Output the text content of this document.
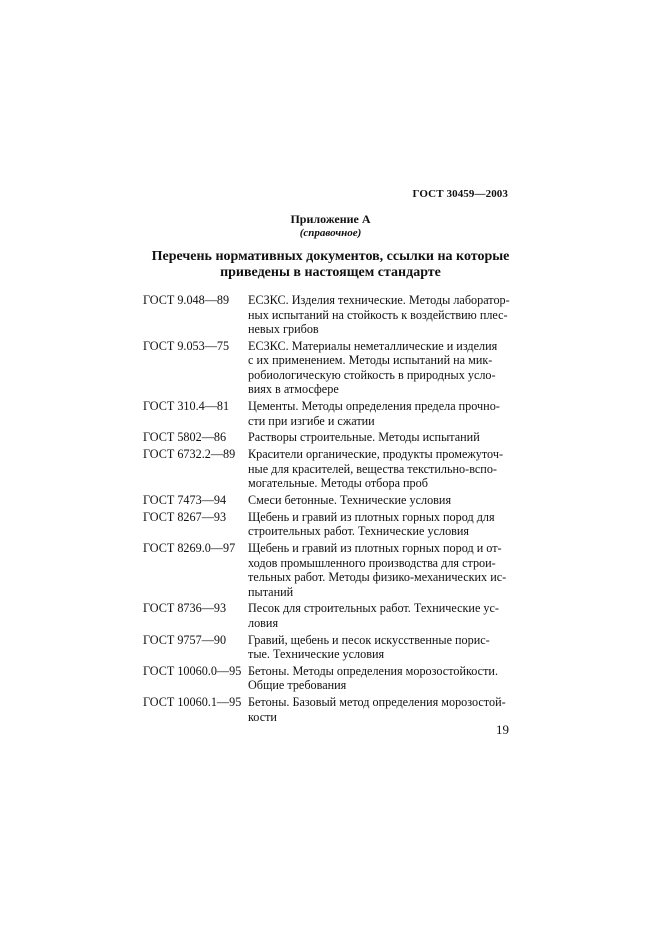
ГОСТ 30459—2003
Приложение А
(справочное)
Перечень нормативных документов, ссылки на которые
приведены в настоящем стандарте
ГОСТ 9.048—89	ЕСЗКС. Изделия технические. Методы лаборатор-
ных испытаний на стойкость к воздействию плес-
невых грибов
ГОСТ 9.053—75	ЕСЗКС. Материалы неметаллические и изделия
с их применением. Методы испытаний на мик-
робиологическую стойкость в природных усло-
виях в атмосфере
ГОСТ 310.4—81	Цементы. Методы определения предела прочно-
сти при изгибе и сжатии
ГОСТ 5802—86	Растворы строительные. Методы испытаний
ГОСТ 6732.2—89	Красители органические, продукты промежуточ-
ные для красителей, вещества текстильно-вспо-
могательные. Методы отбора проб
ГОСТ 7473—94	Смеси бетонные. Технические условия
ГОСТ 8267—93	Щебень и гравий из плотных горных пород для
строительных работ. Технические условия
ГОСТ 8269.0—97	Щебень и гравий из плотных горных пород и от-
ходов промышленного производства для строи-
тельных работ. Методы физико-механических ис-
пытаний
ГОСТ 8736—93	Песок для строительных работ. Технические ус-
ловия
ГОСТ 9757—90	Гравий, щебень и песок искусственные порис-
тые. Технические условия
ГОСТ 10060.0—95 Бетоны. Методы определения морозостойкости.
Общие требования
ГОСТ 10060.1—95 Бетоны. Базовый метод определения морозостой-
кости
19
